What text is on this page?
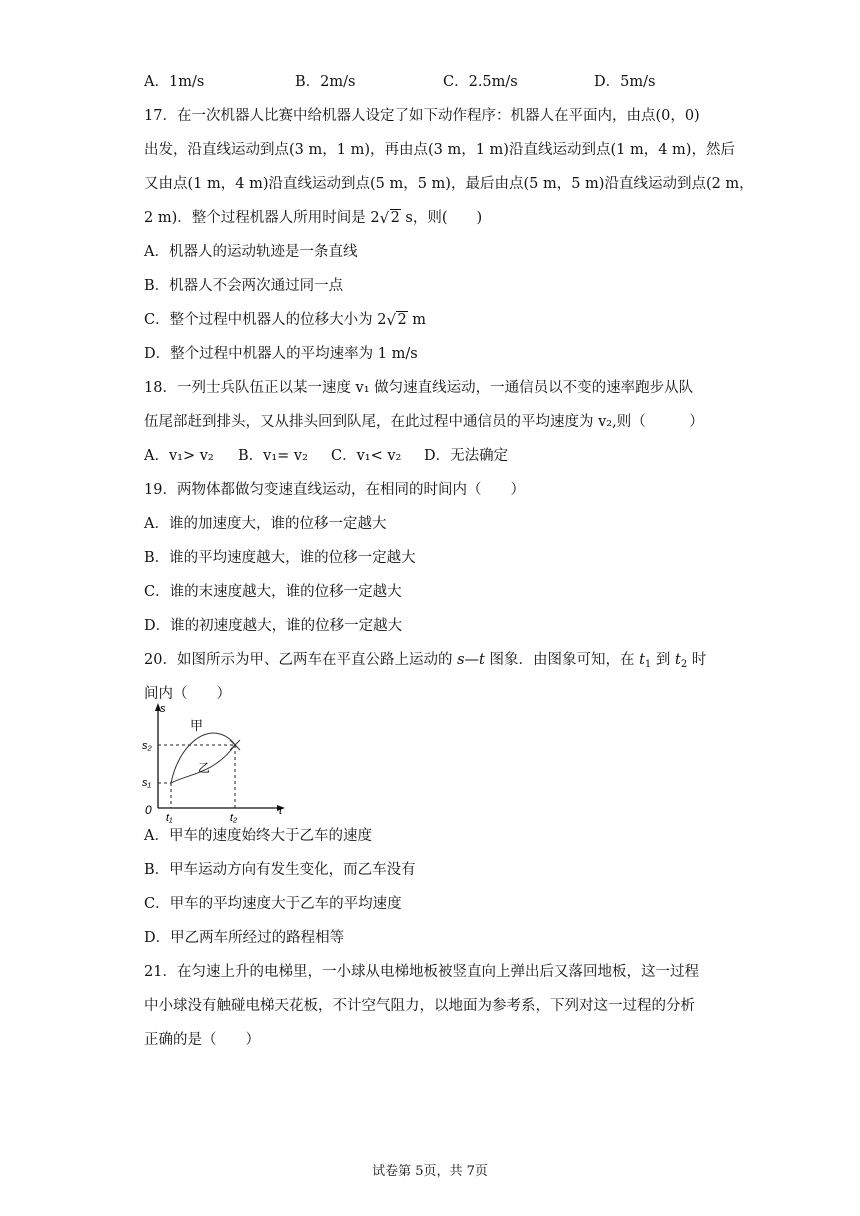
A．1m/s	B．2m/s	C．2.5m/s	D．5m/s
17．在一次机器人比赛中给机器人设定了如下动作程序：机器人在平面内，由点(0，0)
出发，沿直线运动到点(3 m，1 m)，再由点(3 m，1 m)沿直线运动到点(1 m，4 m)，然后
又由点(1 m，4 m)沿直线运动到点(5 m，5 m)，最后由点(5 m，5 m)沿直线运动到点(2 m，
2 m)．整个过程机器人所用时间是 2 √ 2 s，则(　　)
A．机器人的运动轨迹是一条直线
B．机器人不会两次通过同一点
C．整个过程中机器人的位移大小为 2 √ 2 m
D．整个过程中机器人的平均速率为 1 m/s
18．一列士兵队伍正以某一速度 v₁ 做匀速直线运动，一通信员以不变的速率跑步从队
伍尾部赶到排头，又从排头回到队尾，在此过程中通信员的平均速度为 v₂,则（　　　）
A．v₁> v₂ B．v₁= v₂ C．v₁< v₂ D．无法确定
19．两物体都做匀变速直线运动，在相同的时间内（　　）
A．谁的加速度大，谁的位移一定越大
B．谁的平均速度越大，谁的位移一定越大
C．谁的末速度越大，谁的位移一定越大
D．谁的初速度越大，谁的位移一定越大
20．如图所示为甲、乙两车在平直公路上运动的 s—t 图象．由图象可知，在 $t_1$ 到 $t_2$ 时
间内（　　）
s
t
0
s₂
s₁
t₁	t₂
甲
乙
A．甲车的速度始终大于乙车的速度
B．甲车运动方向有发生变化，而乙车没有
C．甲车的平均速度大于乙车的平均速度
D．甲乙两车所经过的路程相等
21．在匀速上升的电梯里，一小球从电梯地板被竖直向上弹出后又落回地板，这一过程
中小球没有触碰电梯天花板，不计空气阻力，以地面为参考系，下列对这一过程的分析
正确的是（　　）
试卷第 5页，共 7页
